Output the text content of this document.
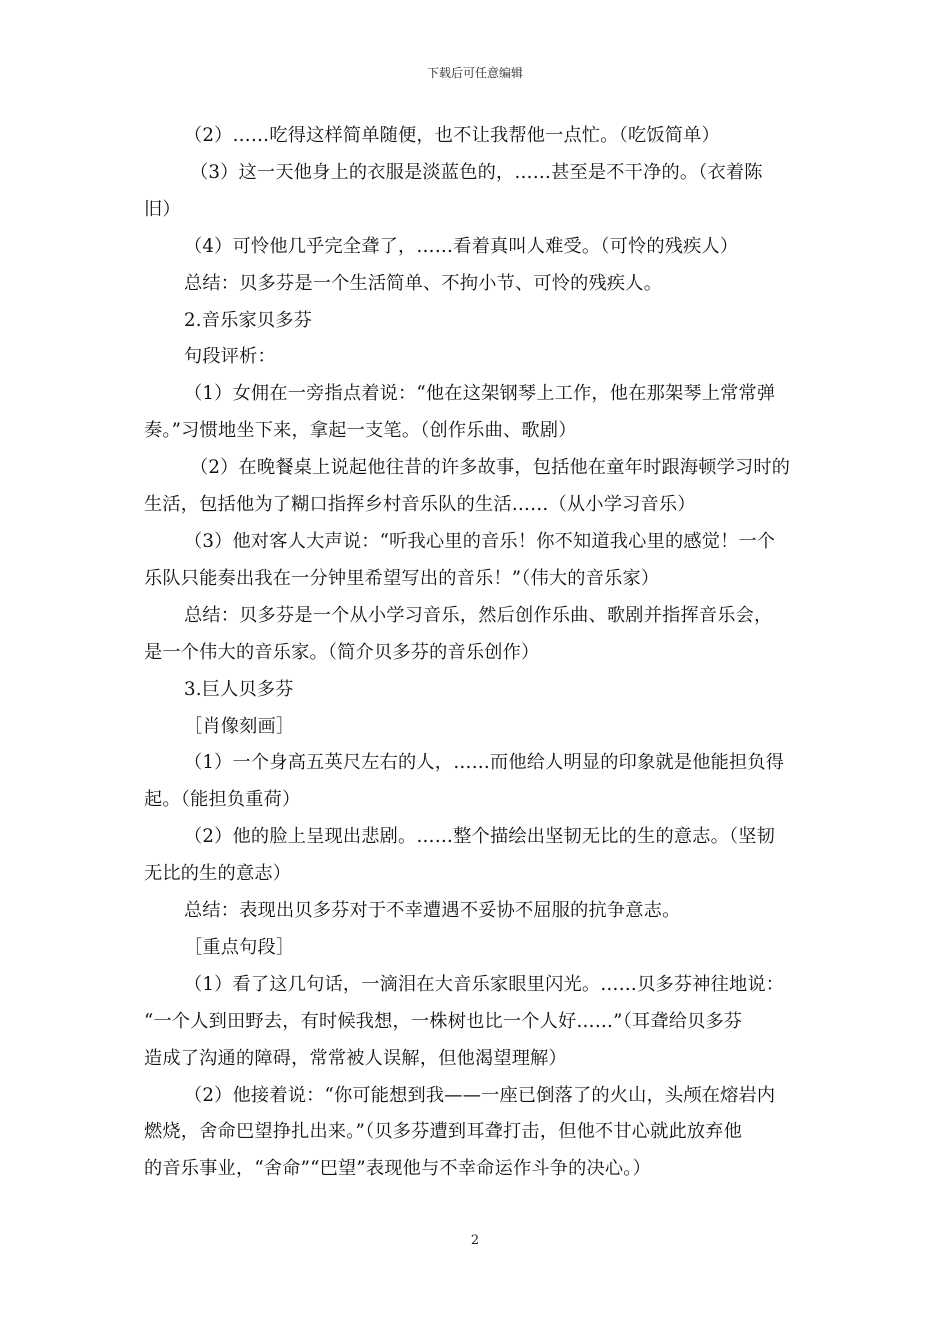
下载后可任意编辑
（2）……吃得这样简单随便，也不让我帮他一点忙。（吃饭简单）
（3）这一天他身上的衣服是淡蓝色的，……甚至是不干净的。（衣着陈
旧）
（4）可怜他几乎完全聋了，……看着真叫人难受。（可怜的残疾人）
总结：贝多芬是一个生活简单、不拘小节、可怜的残疾人。
2.音乐家贝多芬
句段评析：
（1）女佣在一旁指点着说：“他在这架钢琴上工作，他在那架琴上常常弹
奏。”习惯地坐下来，拿起一支笔。（创作乐曲、歌剧）
（2）在晚餐桌上说起他往昔的许多故事，包括他在童年时跟海顿学习时的
生活，包括他为了糊口指挥乡村音乐队的生活……（从小学习音乐）
（3）他对客人大声说：“听我心里的音乐！你不知道我心里的感觉！一个
乐队只能奏出我在一分钟里希望写出的音乐！”（伟大的音乐家）
总结：贝多芬是一个从小学习音乐，然后创作乐曲、歌剧并指挥音乐会，
是一个伟大的音乐家。（简介贝多芬的音乐创作）
3.巨人贝多芬
［肖像刻画］
（1）一个身高五英尺左右的人，……而他给人明显的印象就是他能担负得
起。（能担负重荷）
（2）他的脸上呈现出悲剧。……整个描绘出坚韧无比的生的意志。（坚韧
无比的生的意志）
总结：表现出贝多芬对于不幸遭遇不妥协不屈服的抗争意志。
［重点句段］
（1）看了这几句话，一滴泪在大音乐家眼里闪光。……贝多芬神往地说：
“一个人到田野去，有时候我想，一株树也比一个人好……”（耳聋给贝多芬
造成了沟通的障碍，常常被人误解，但他渴望理解）
（2）他接着说：“你可能想到我——一座已倒落了的火山，头颅在熔岩内
燃烧，舍命巴望挣扎出来。”（贝多芬遭到耳聋打击，但他不甘心就此放弃他
的音乐事业，“舍命”“巴望”表现他与不幸命运作斗争的决心。）
2
